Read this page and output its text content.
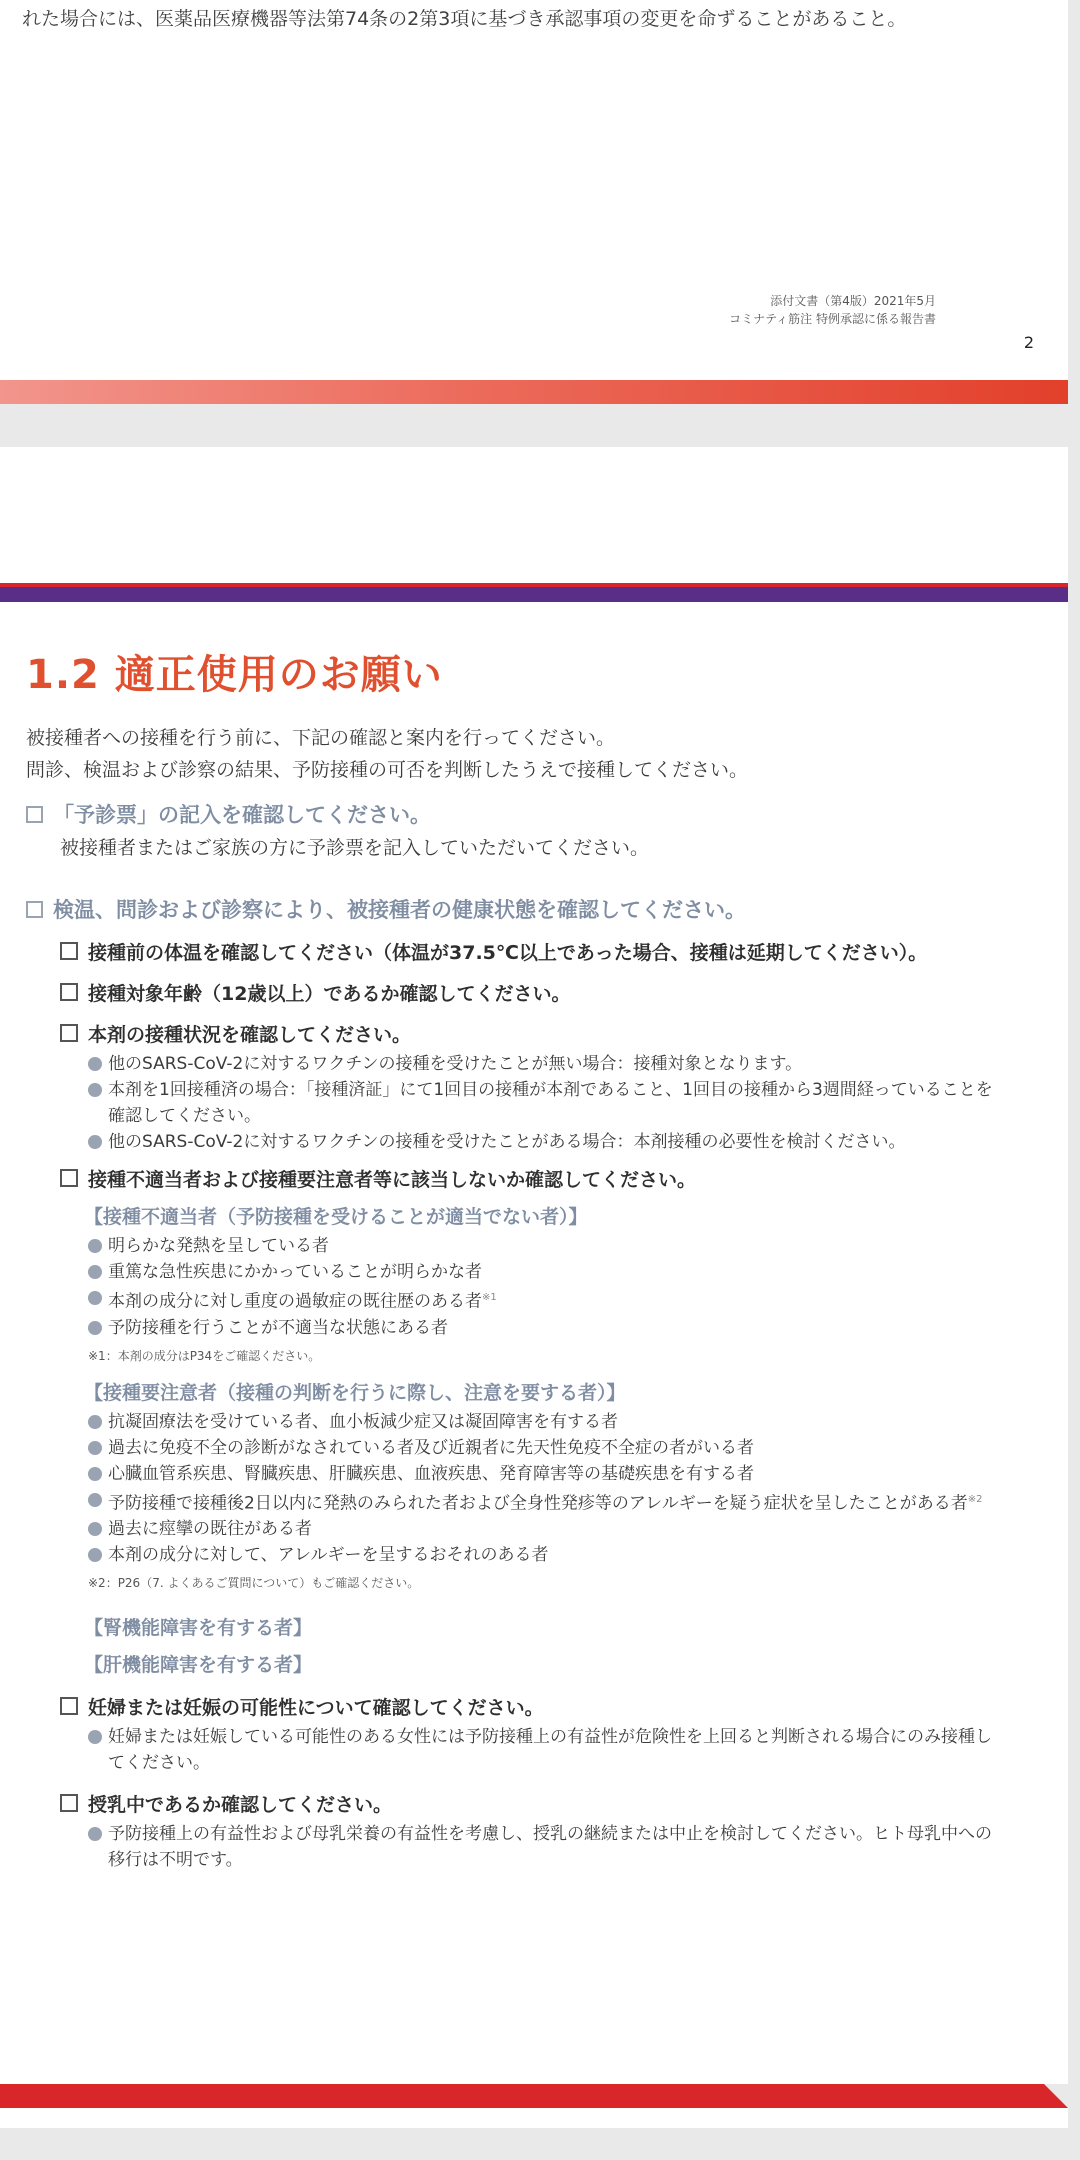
れた場合には、医薬品医療機器等法第74条の2第3項に基づき承認事項の変更を命ずることがあること。
添付文書（第4版）2021年5月
コミナティ筋注 特例承認に係る報告書
2
1.2 適正使用のお願い
被接種者への接種を行う前に、下記の確認と案内を行ってください。
問診、検温および診察の結果、予防接種の可否を判断したうえで接種してください。
「予診票」の記入を確認してください。
被接種者またはご家族の方に予診票を記入していただいてください。
検温、問診および診察により、被接種者の健康状態を確認してください。
接種前の体温を確認してください（体温が37.5℃以上であった場合、接種は延期してください）。
接種対象年齢（12歳以上）であるか確認してください。
本剤の接種状況を確認してください。
他のSARS-CoV-2に対するワクチンの接種を受けたことが無い場合：接種対象となります。
本剤を1回接種済の場合：「接種済証」にて1回目の接種が本剤であること、1回目の接種から3週間経っていることを確認してください。
他のSARS-CoV-2に対するワクチンの接種を受けたことがある場合：本剤接種の必要性を検討ください。
接種不適当者および接種要注意者等に該当しないか確認してください。
【接種不適当者（予防接種を受けることが適当でない者）】
明らかな発熱を呈している者
重篤な急性疾患にかかっていることが明らかな者
本剤の成分に対し重度の過敏症の既往歴のある者$^{※1}$
予防接種を行うことが不適当な状態にある者
※1：本剤の成分はP34をご確認ください。
【接種要注意者（接種の判断を行うに際し、注意を要する者）】
抗凝固療法を受けている者、血小板減少症又は凝固障害を有する者
過去に免疫不全の診断がなされている者及び近親者に先天性免疫不全症の者がいる者
心臓血管系疾患、腎臓疾患、肝臓疾患、血液疾患、発育障害等の基礎疾患を有する者
予防接種で接種後2日以内に発熱のみられた者および全身性発疹等のアレルギーを疑う症状を呈したことがある者$^{※2}$
過去に痙攣の既往がある者
本剤の成分に対して、アレルギーを呈するおそれのある者
※2：P26（7. よくあるご質問について）もご確認ください。
【腎機能障害を有する者】
【肝機能障害を有する者】
妊婦または妊娠の可能性について確認してください。
妊婦または妊娠している可能性のある女性には予防接種上の有益性が危険性を上回ると判断される場合にのみ接種してください。
授乳中であるか確認してください。
予防接種上の有益性および母乳栄養の有益性を考慮し、授乳の継続または中止を検討してください。ヒト母乳中への移行は不明です。
